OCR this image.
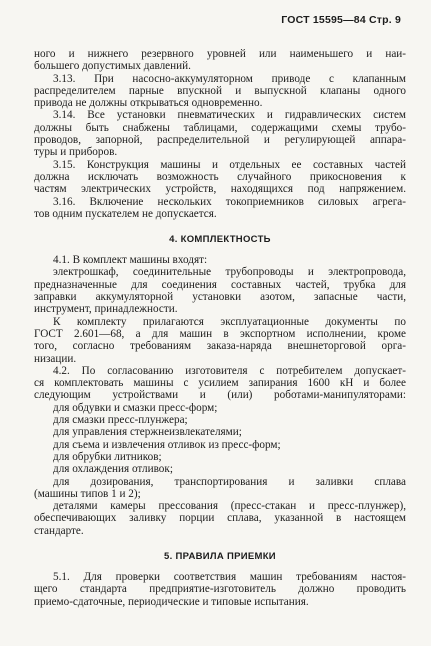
ГОСТ 15595—84 Стр. 9
ного и нижнего резервного уровней или наименьшего и наи-
большего допустимых давлений.
3.13. При насосно-аккумуляторном приводе с клапанным
распределителем парные впускной и выпускной клапаны одного
привода не должны открываться одновременно.
3.14. Все установки пневматических и гидравлических систем
должны быть снабжены таблицами, содержащими схемы трубо-
проводов, запорной, распределительной и регулирующей аппара-
туры и приборов.
3.15. Конструкция машины и отдельных ее составных частей
должна исключать возможность случайного прикосновения к
частям электрических устройств, находящихся под напряжением.
3.16. Включение нескольких токоприемников силовых агрега-
тов одним пускателем не допускается.
4. КОМПЛЕКТНОСТЬ
4.1. В комплект машины входят:
электрошкаф, соединительные трубопроводы и электропровода,
предназначенные для соединения составных частей, трубка для
заправки аккумуляторной установки азотом, запасные части,
инструмент, принадлежности.
К комплекту прилагаются эксплуатационные документы по
ГОСТ 2.601—68, а для машин в экспортном исполнении, кроме
того, согласно требованиям заказа-наряда внешнеторговой орга-
низации.
4.2. По согласованию изготовителя с потребителем допускает-
ся комплектовать машины с усилием запирания 1600 кН и более
следующим устройствами и (или) роботами-манипуляторами:
для обдувки и смазки пресс-форм;
для смазки пресс-плунжера;
для управления стержнеизвлекателями;
для съема и извлечения отливок из пресс-форм;
для обрубки литников;
для охлаждения отливок;
для дозирования, транспортирования и заливки сплава
(машины типов 1 и 2);
деталями камеры прессования (пресс-стакан и пресс-плунжер),
обеспечивающих заливку порции сплава, указанной в настоящем
стандарте.
5. ПРАВИЛА ПРИЕМКИ
5.1. Для проверки соответствия машин требованиям настоя-
щего стандарта предприятие-изготовитель должно проводить
приемо-сдаточные, периодические и типовые испытания.
